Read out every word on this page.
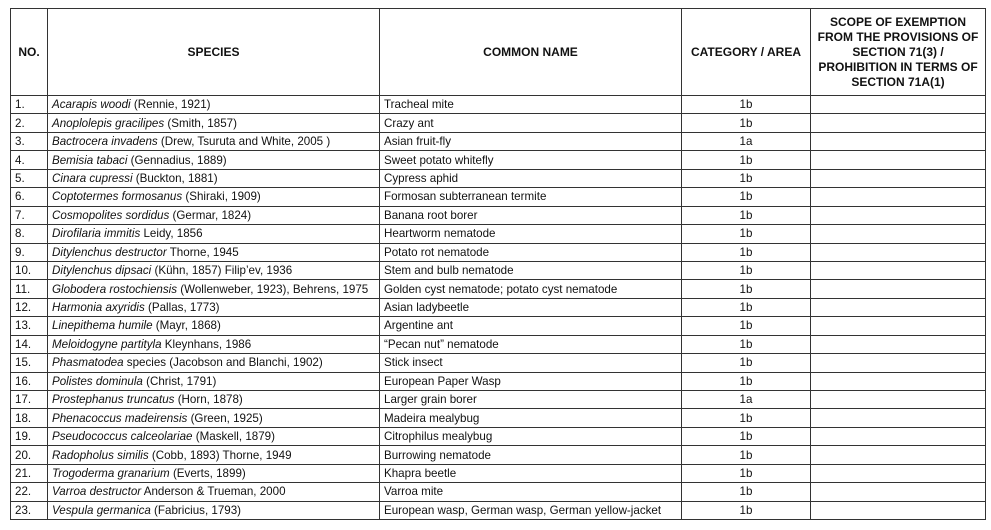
NO.	SPECIES	COMMON NAME	CATEGORY / AREA	SCOPE OF EXEMPTION FROM THE PROVISIONS OF SECTION 71(3) / PROHIBITION IN TERMS OF SECTION 71A(1)
1.	Acarapis woodi (Rennie, 1921)	Tracheal mite	1b	
2.	Anoplolepis gracilipes (Smith, 1857)	Crazy ant	1b	
3.	Bactrocera invadens (Drew, Tsuruta and White, 2005 )	Asian fruit-fly	1a	
4.	Bemisia tabaci (Gennadius, 1889)	Sweet potato whitefly	1b	
5.	Cinara cupressi (Buckton, 1881)	Cypress aphid	1b	
6.	Coptotermes formosanus (Shiraki, 1909)	Formosan subterranean termite	1b	
7.	Cosmopolites sordidus (Germar, 1824)	Banana root borer	1b	
8.	Dirofilaria immitis Leidy, 1856	Heartworm nematode	1b	
9.	Ditylenchus destructor Thorne, 1945	Potato rot nematode	1b	
10.	Ditylenchus dipsaci (Kühn, 1857) Filip’ev, 1936	Stem and bulb nematode	1b	
11.	Globodera rostochiensis (Wollenweber, 1923), Behrens, 1975	Golden cyst nematode; potato cyst nematode	1b	
12.	Harmonia axyridis (Pallas, 1773)	Asian ladybeetle	1b	
13.	Linepithema humile (Mayr, 1868)	Argentine ant	1b	
14.	Meloidogyne partityla Kleynhans, 1986	“Pecan nut” nematode	1b	
15.	Phasmatodea species (Jacobson and Blanchi, 1902)	Stick insect	1b	
16.	Polistes dominula (Christ, 1791)	European Paper Wasp	1b	
17.	Prostephanus truncatus (Horn, 1878)	Larger grain borer	1a	
18.	Phenacoccus madeirensis (Green, 1925)	Madeira mealybug	1b	
19.	Pseudococcus calceolariae (Maskell, 1879)	Citrophilus mealybug	1b	
20.	Radopholus similis (Cobb, 1893) Thorne, 1949	Burrowing nematode	1b	
21.	Trogoderma granarium (Everts, 1899)	Khapra beetle	1b	
22.	Varroa destructor Anderson & Trueman, 2000	Varroa mite	1b	
23.	Vespula germanica (Fabricius, 1793)	European wasp, German wasp, German yellow-jacket	1b	
